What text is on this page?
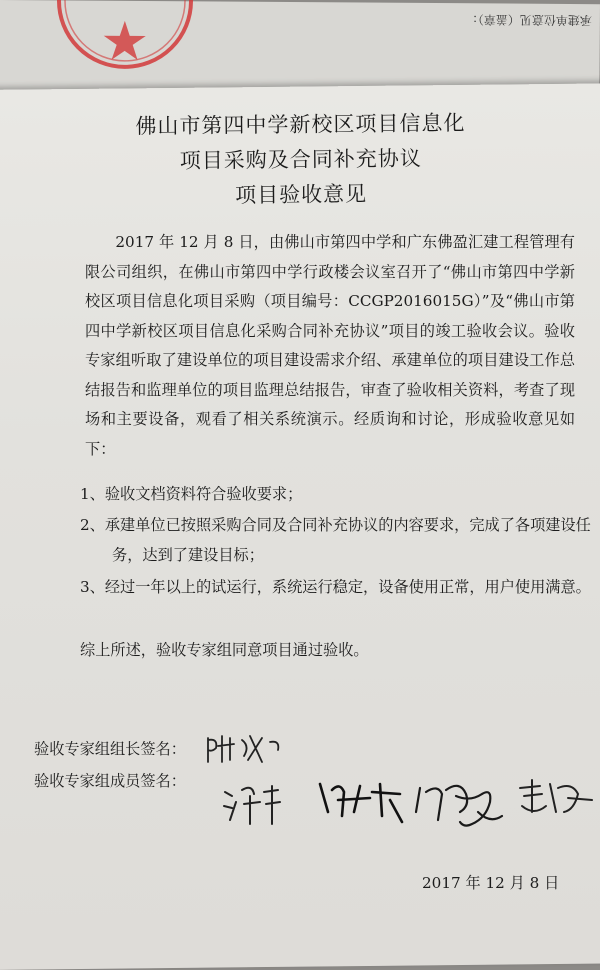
承建单位意见（盖章）：
佛山市第四中学新校区项目信息化
项目采购及合同补充协议
项目验收意见
2017 年 12 月 8 日，由佛山市第四中学和广东佛盈汇建工程管理有限公司组织，在佛山市第四中学行政楼会议室召开了“佛山市第四中学新校区项目信息化项目采购（项目编号：CCGP2016015G）”及“佛山市第四中学新校区项目信息化采购合同补充协议”项目的竣工验收会议。验收专家组听取了建设单位的项目建设需求介绍、承建单位的项目建设工作总结报告和监理单位的项目监理总结报告，审查了验收相关资料，考查了现场和主要设备，观看了相关系统演示。经质询和讨论，形成验收意见如下：
1、验收文档资料符合验收要求；
2、承建单位已按照采购合同及合同补充协议的内容要求，完成了各项建设任务，达到了建设目标；
3、经过一年以上的试运行，系统运行稳定，设备使用正常，用户使用满意。
综上所述，验收专家组同意项目通过验收。
验收专家组组长签名：
验收专家组成员签名：
2017 年 12 月 8 日
